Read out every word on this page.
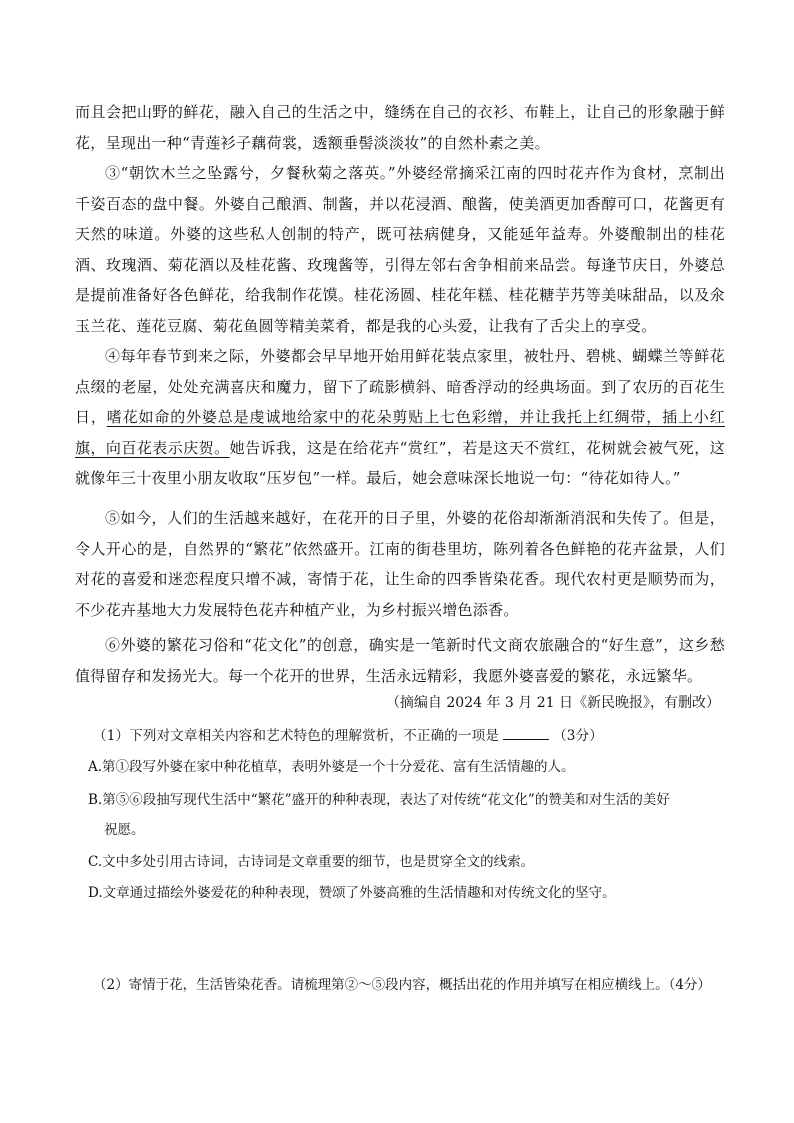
而且会把山野的鲜花，融入自己的生活之中，缝绣在自己的衣衫、布鞋上，让自己的形象融于鲜花，呈现出一种“青莲衫子藕荷裳，透额垂髻淡淡妆”的自然朴素之美。

③“朝饮木兰之坠露兮，夕餐秋菊之落英。”外婆经常摘采江南的四时花卉作为食材，烹制出千姿百态的盘中餐。外婆自己酿酒、制酱，并以花浸酒、酿酱，使美酒更加香醇可口，花酱更有天然的味道。外婆的这些私人创制的特产，既可祛病健身，又能延年益寿。外婆酿制出的桂花酒、玫瑰酒、菊花酒以及桂花酱、玫瑰酱等，引得左邻右舍争相前来品尝。每逢节庆日，外婆总是提前准备好各色鲜花，给我制作花馍。桂花汤圆、桂花年糕、桂花糖芋艿等美味甜品，以及氽玉兰花、莲花豆腐、菊花鱼圆等精美菜肴，都是我的心头爱，让我有了舌尖上的享受。

④每年春节到来之际，外婆都会早早地开始用鲜花装点家里，被牡丹、碧桃、蝴蝶兰等鲜花点缀的老屋，处处充满喜庆和魔力，留下了疏影横斜、暗香浮动的经典场面。到了农历的百花生日，嗜花如命的外婆总是虔诚地给家中的花朵剪贴上七色彩缯，并让我托上红绸带，插上小红旗，向百花表示庆贺。她告诉我，这是在给花卉“赏红”，若是这天不赏红，花树就会被气死，这就像年三十夜里小朋友收取“压岁包”一样。最后，她会意味深长地说一句：“待花如待人。”

⑤如今，人们的生活越来越好，在花开的日子里，外婆的花俗却渐渐消泯和失传了。但是，令人开心的是，自然界的“繁花”依然盛开。江南的街巷里坊，陈列着各色鲜艳的花卉盆景，人们对花的喜爱和迷恋程度只增不减，寄情于花，让生命的四季皆染花香。现代农村更是顺势而为，不少花卉基地大力发展特色花卉种植产业，为乡村振兴增色添香。

⑥外婆的繁花习俗和“花文化”的创意，确实是一笔新时代文商农旅融合的“好生意”，这乡愁值得留存和发扬光大。每一个花开的世界，生活永远精彩，我愿外婆喜爱的繁花，永远繁华。

（摘编自 2024 年 3 月 21 日《新民晚报》，有删改）

（1）下列对文章相关内容和艺术特色的理解赏析，不正确的一项是	（3分）

A.第①段写外婆在家中种花植草，表明外婆是一个十分爱花、富有生活情趣的人。

B.第⑤⑥段抽写现代生活中“繁花”盛开的种种表现，表达了对传统“花文化”的赞美和对生活的美好

祝愿。

C.文中多处引用古诗词，古诗词是文章重要的细节，也是贯穿全文的线索。

D.文章通过描绘外婆爱花的种种表现，赞颂了外婆高雅的生活情趣和对传统文化的坚守。

（2）寄情于花，生活皆染花香。请梳理第②～⑤段内容，概括出花的作用并填写在相应横线上。（4分）
